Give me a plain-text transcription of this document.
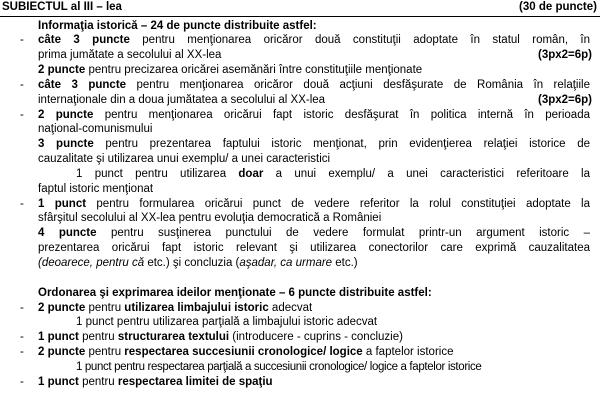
SUBIECTUL al III – lea	(30 de puncte)
Informaţia istorică – 24 de puncte distribuite astfel:
- câte 3 puncte pentru menţionarea oricăror două constituţii adoptate în statul român, în
prima jumătate a secolului al XX-lea	(3px2=6p)
2 puncte pentru precizarea oricărei asemănări între constituţiile menţionate
- câte 3 puncte pentru menţionarea oricăror două acţiuni desfăşurate de România în relaţiile
internaţionale din a doua jumătatea a secolului al XX-lea	(3px2=6p)
- 2 puncte pentru menţionarea oricărui fapt istoric desfăşurat în politica internă în perioada
naţional-comunismului
3 puncte pentru prezentarea faptului istoric menţionat, prin evidenţierea relaţiei istorice de
cauzalitate şi utilizarea unui exemplu/ a unei caracteristici
1 punct pentru utilizarea doar a unui exemplu/ a unei caracteristici referitoare la
faptul istoric menţionat
- 1 punct pentru formularea oricărui punct de vedere referitor la rolul constituţiei adoptate la
sfârşitul secolului al XX-lea pentru evoluţia democratică a României
4 puncte pentru susţinerea punctului de vedere formulat printr-un argument istoric –
prezentarea oricărui fapt istoric relevant şi utilizarea conectorilor care exprimă cauzalitatea
(deoarece, pentru că etc.) şi concluzia (aşadar, ca urmare etc.)
Ordonarea şi exprimarea ideilor menţionate – 6 puncte distribuite astfel:
- 2 puncte pentru utilizarea limbajului istoric adecvat
1 punct pentru utilizarea parţială a limbajului istoric adecvat
- 1 punct pentru structurarea textului (introducere - cuprins - concluzie)
- 2 puncte pentru respectarea succesiunii cronologice/ logice a faptelor istorice
1 punct pentru respectarea parţială a succesiunii cronologice/ logice a faptelor istorice
- 1 punct pentru respectarea limitei de spaţiu
